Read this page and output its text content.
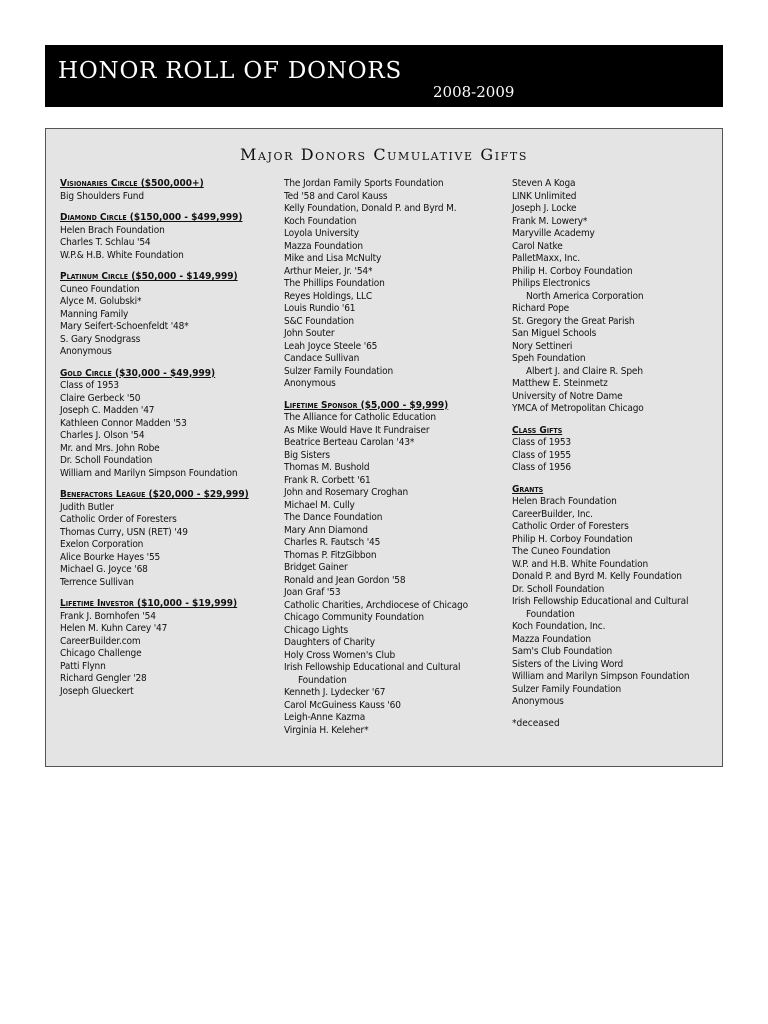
HONOR ROLL OF DONORS
2008-2009
Major Donors Cumulative Gifts
Visionaries Circle ($500,000+)
Big Shoulders Fund
Diamond Circle ($150,000 - $499,999)
Helen Brach Foundation
Charles T. Schlau '54
W.P.& H.B. White Foundation
Platinum Circle ($50,000 - $149,999)
Cuneo Foundation
Alyce M. Golubski*
Manning Family
Mary Seifert-Schoenfeldt '48*
S. Gary Snodgrass
Anonymous
Gold Circle ($30,000 - $49,999)
Class of 1953
Claire Gerbeck '50
Joseph C. Madden '47
Kathleen Connor Madden '53
Charles J. Olson '54
Mr. and Mrs. John Robe
Dr. Scholl Foundation
William and Marilyn Simpson Foundation
Benefactors League ($20,000 - $29,999)
Judith Butler
Catholic Order of Foresters
Thomas Curry, USN (RET) '49
Exelon Corporation
Alice Bourke Hayes '55
Michael G. Joyce '68
Terrence Sullivan
Lifetime Investor ($10,000 - $19,999)
Frank J. Bornhofen '54
Helen M. Kuhn Carey '47
CareerBuilder.com
Chicago Challenge
Patti Flynn
Richard Gengler '28
Joseph Glueckert
The Jordan Family Sports Foundation
Ted '58 and Carol Kauss
Kelly Foundation, Donald P. and Byrd M.
Koch Foundation
Loyola University
Mazza Foundation
Mike and Lisa McNulty
Arthur Meier, Jr. '54*
The Phillips Foundation
Reyes Holdings, LLC
Louis Rundio '61
S&C Foundation
John Souter
Leah Joyce Steele '65
Candace Sullivan
Sulzer Family Foundation
Anonymous
Lifetime Sponsor ($5,000 - $9,999)
The Alliance for Catholic Education
As Mike Would Have It Fundraiser
Beatrice Berteau Carolan '43*
Big Sisters
Thomas M. Bushold
Frank R. Corbett '61
John and Rosemary Croghan
Michael M. Cully
The Dance Foundation
Mary Ann Diamond
Charles R. Fautsch '45
Thomas P. FitzGibbon
Bridget Gainer
Ronald and Jean Gordon '58
Joan Graf '53
Catholic Charities, Archdiocese of Chicago
Chicago Community Foundation
Chicago Lights
Daughters of Charity
Holy Cross Women's Club
Irish Fellowship Educational and Cultural
Foundation
Kenneth J. Lydecker '67
Carol McGuiness Kauss '60
Leigh-Anne Kazma
Virginia H. Keleher*
Steven A Koga
LINK Unlimited
Joseph J. Locke
Frank M. Lowery*
Maryville Academy
Carol Natke
PalletMaxx, Inc.
Philip H. Corboy Foundation
Philips Electronics
North America Corporation
Richard Pope
St. Gregory the Great Parish
San Miguel Schools
Nory Settineri
Speh Foundation
Albert J. and Claire R. Speh
Matthew E. Steinmetz
University of Notre Dame
YMCA of Metropolitan Chicago
Class Gifts
Class of 1953
Class of 1955
Class of 1956
Grants
Helen Brach Foundation
CareerBuilder, Inc.
Catholic Order of Foresters
Philip H. Corboy Foundation
The Cuneo Foundation
W.P. and H.B. White Foundation
Donald P. and Byrd M. Kelly Foundation
Dr. Scholl Foundation
Irish Fellowship Educational and Cultural
Foundation
Koch Foundation, Inc.
Mazza Foundation
Sam's Club Foundation
Sisters of the Living Word
William and Marilyn Simpson Foundation
Sulzer Family Foundation
Anonymous
*deceased
